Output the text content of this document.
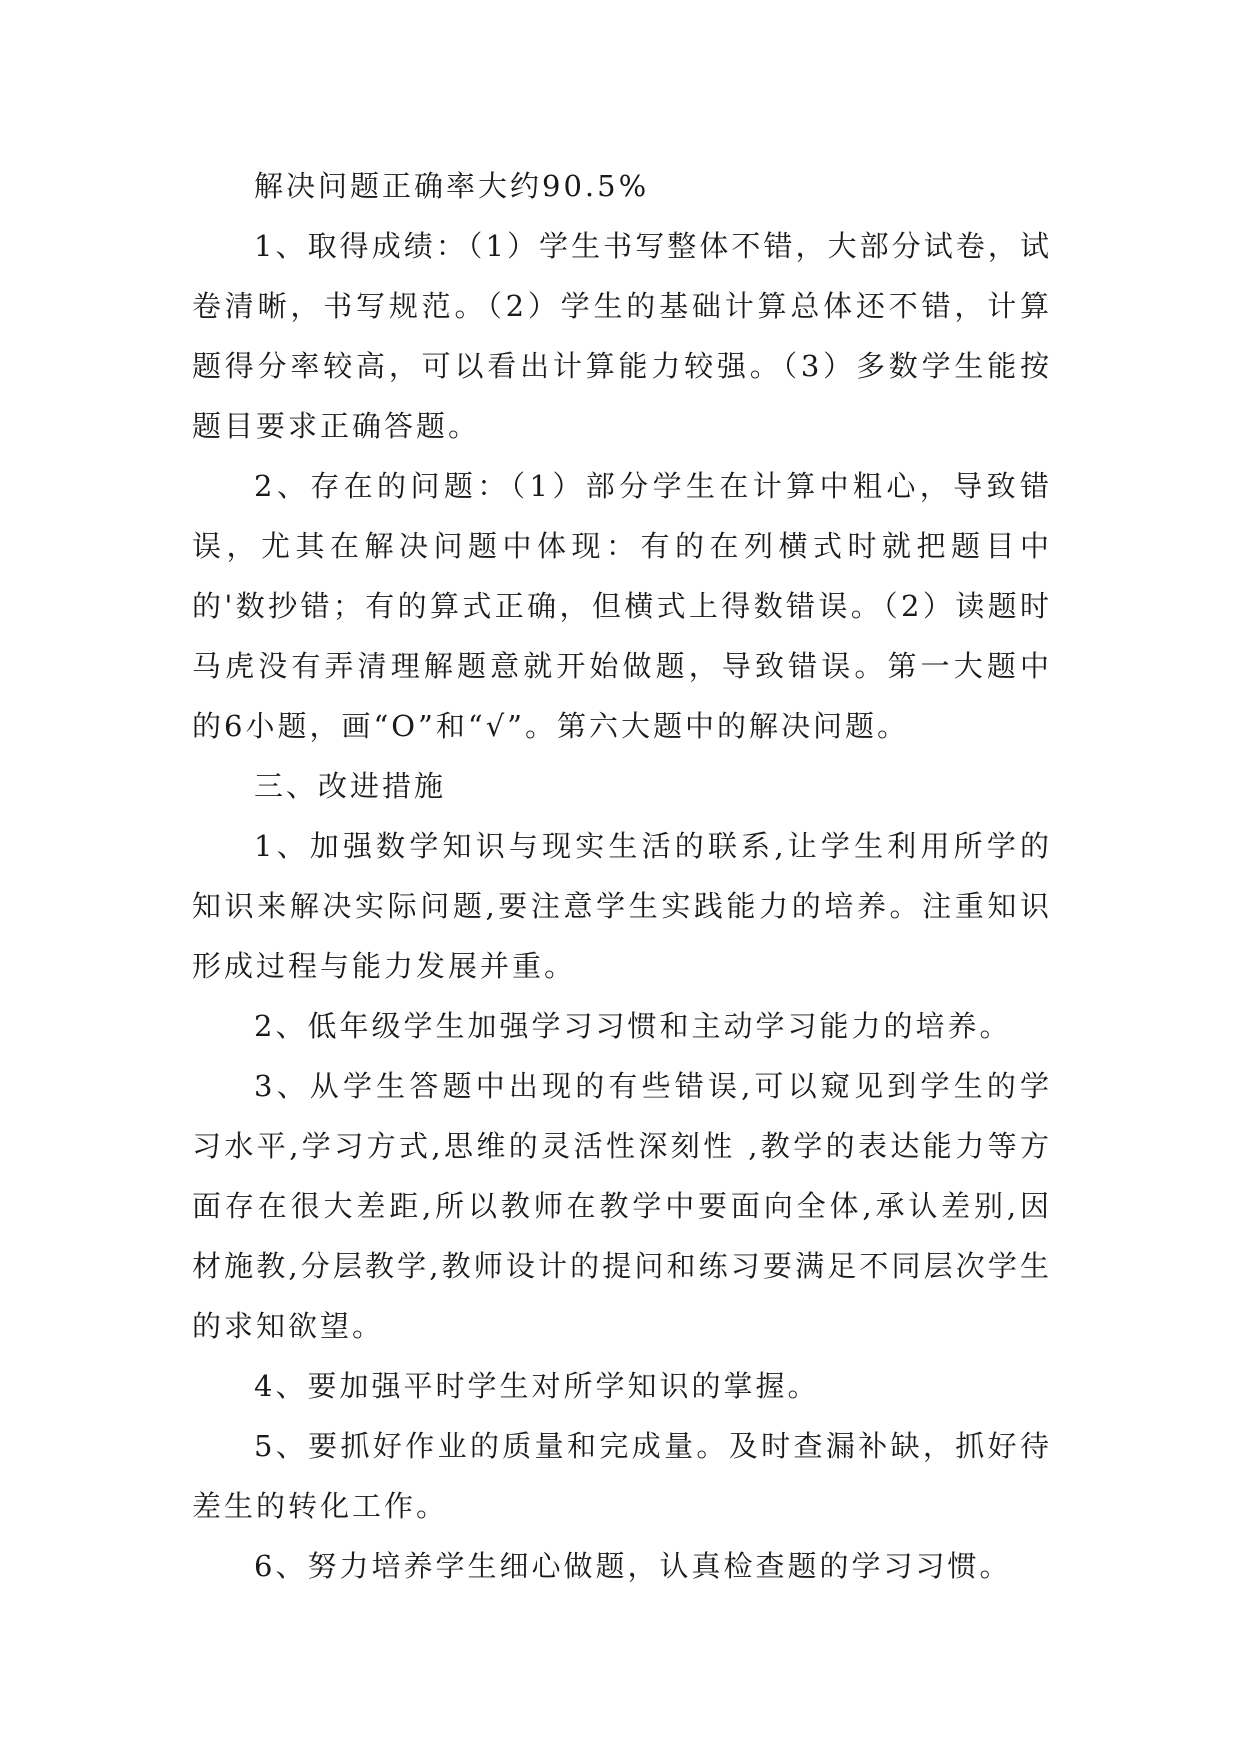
解决问题正确率大约90.5%

1、取得成绩：（1）学生书写整体不错，大部分试卷，试卷清晰，书写规范。（2）学生的基础计算总体还不错，计算题得分率较高，可以看出计算能力较强。（3）多数学生能按题目要求正确答题。

2、存在的问题：（1）部分学生在计算中粗心，导致错误，尤其在解决问题中体现：有的在列横式时就把题目中的'数抄错；有的算式正确，但横式上得数错误。（2）读题时马虎没有弄清理解题意就开始做题，导致错误。第一大题中的6小题，画“O”和“√”。第六大题中的解决问题。

三、改进措施

1、加强数学知识与现实生活的联系,让学生利用所学的知识来解决实际问题,要注意学生实践能力的培养。注重知识形成过程与能力发展并重。

2、低年级学生加强学习习惯和主动学习能力的培养。

3、从学生答题中出现的有些错误,可以窥见到学生的学习水平,学习方式,思维的灵活性深刻性 ,教学的表达能力等方面存在很大差距,所以教师在教学中要面向全体,承认差别,因材施教,分层教学,教师设计的提问和练习要满足不同层次学生的求知欲望。

4、要加强平时学生对所学知识的掌握。

5、要抓好作业的质量和完成量。及时查漏补缺，抓好待差生的转化工作。

6、努力培养学生细心做题，认真检查题的学习习惯。
